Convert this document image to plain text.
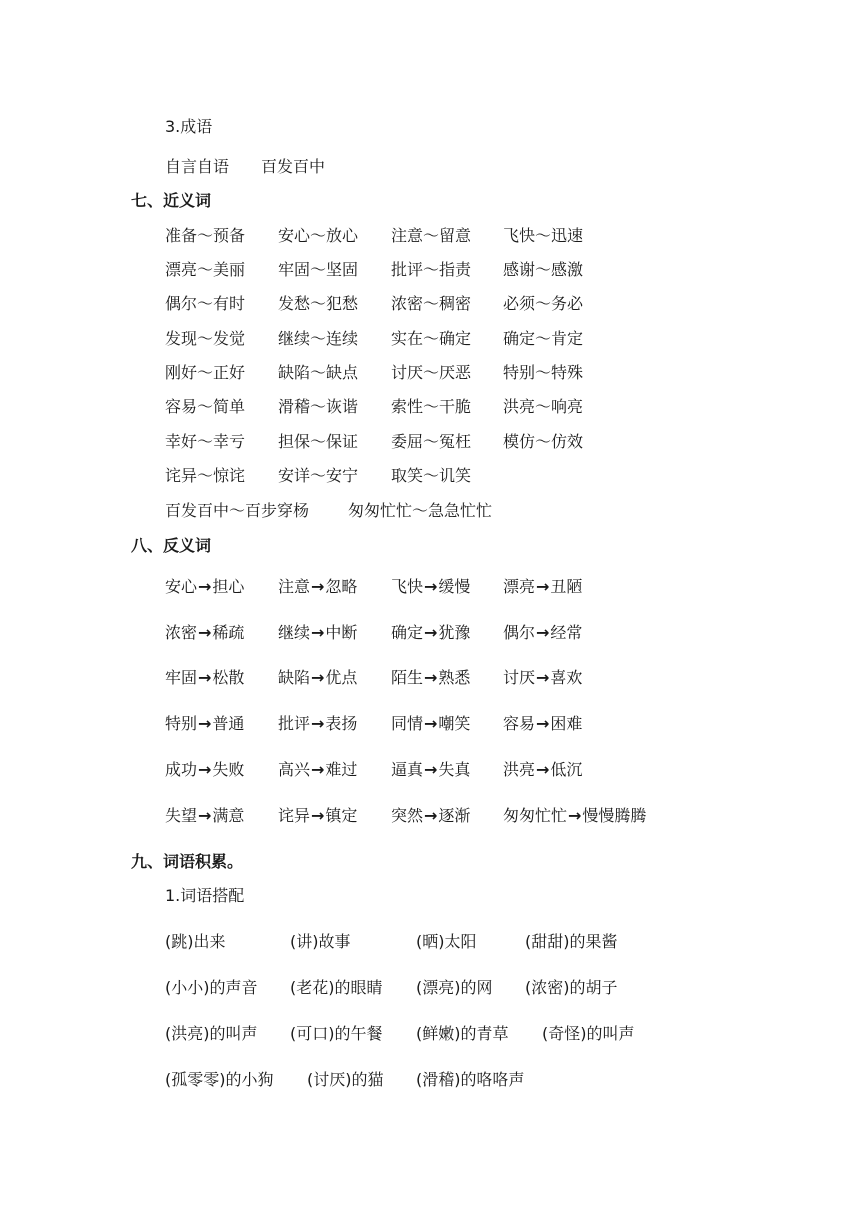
3.成语
自言自语 百发百中
七、近义词
准备～预备 安心～放心 注意～留意 飞快～迅速
漂亮～美丽 牢固～坚固 批评～指责 感谢～感激
偶尔～有时 发愁～犯愁 浓密～稠密 必须～务必
发现～发觉 继续～连续 实在～确定 确定～肯定
刚好～正好 缺陷～缺点 讨厌～厌恶 特别～特殊
容易～简单 滑稽～诙谐 索性～干脆 洪亮～响亮
幸好～幸亏 担保～保证 委屈～冤枉 模仿～仿效
诧异～惊诧 安详～安宁 取笑～讥笑
百发百中～百步穿杨 匆匆忙忙～急急忙忙
八、反义词
安心→担心 注意→忽略 飞快→缓慢 漂亮→丑陋
浓密→稀疏 继续→中断 确定→犹豫 偶尔→经常
牢固→松散 缺陷→优点 陌生→熟悉 讨厌→喜欢
特别→普通 批评→表扬 同情→嘲笑 容易→困难
成功→失败 高兴→难过 逼真→失真 洪亮→低沉
失望→满意 诧异→镇定 突然→逐渐 匆匆忙忙→慢慢腾腾
九、词语积累。
1.词语搭配
(跳)出来	(讲)故事	(晒)太阳	(甜甜)的果酱
(小小)的声音 (老花)的眼睛 (漂亮)的网 (浓密)的胡子
(洪亮)的叫声 (可口)的午餐 (鲜嫩)的青草 (奇怪)的叫声
(孤零零)的小狗 (讨厌)的猫 (滑稽)的咯咯声
